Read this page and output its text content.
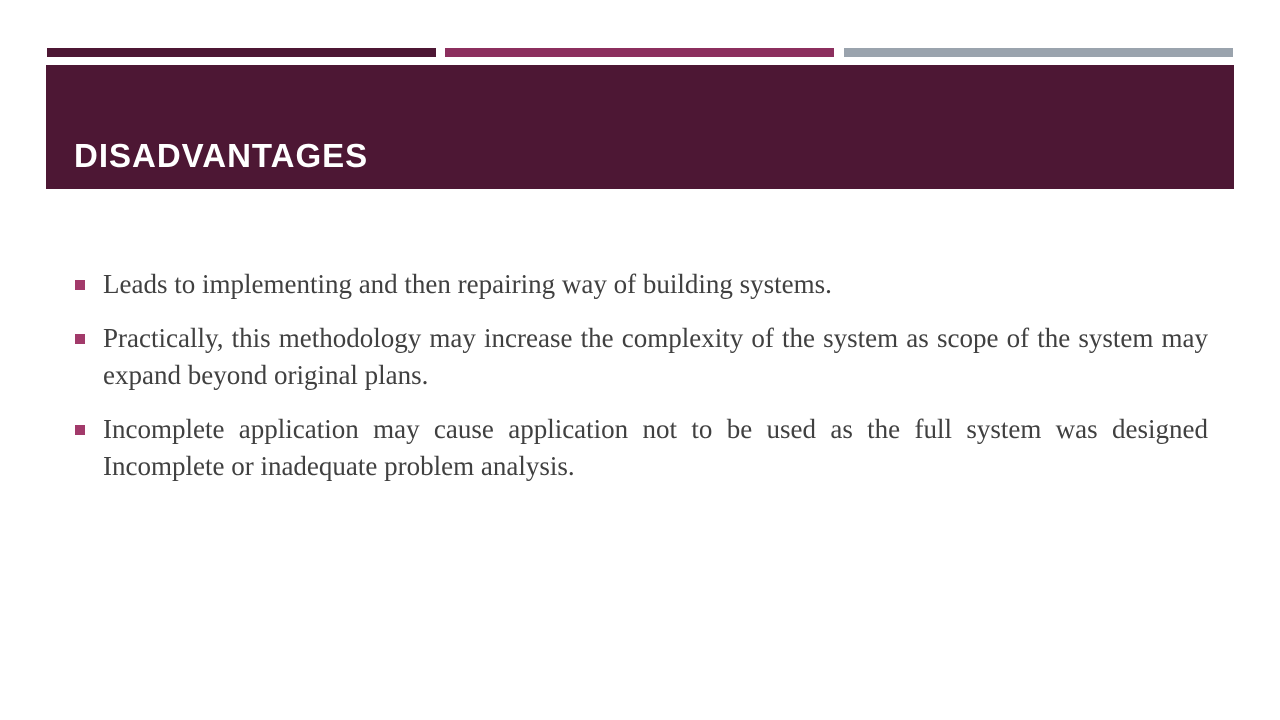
DISADVANTAGES
Leads to implementing and then repairing way of building systems.
Practically, this methodology may increase the complexity of the system as scope of the system may expand beyond original plans.
Incomplete application may cause application not to be used as the full system was designed Incomplete or inadequate problem analysis.
